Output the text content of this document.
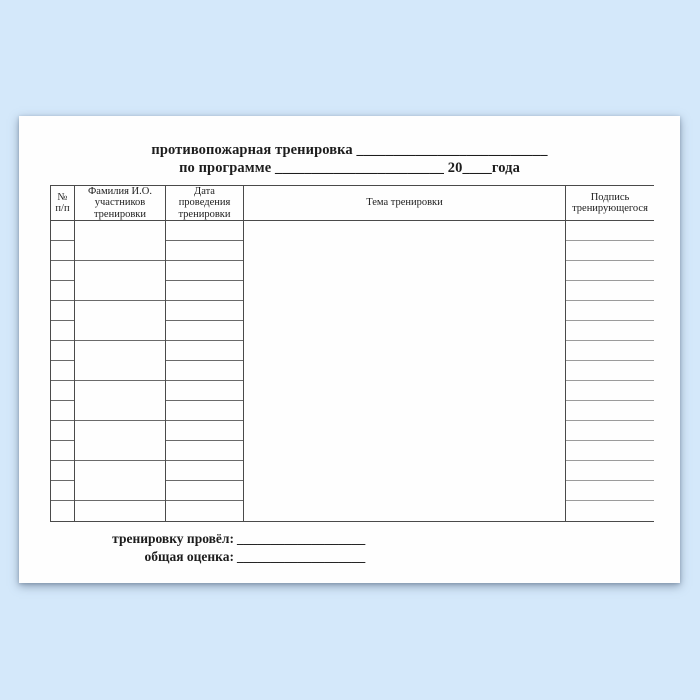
противопожарная тренировка __________________________
по программе _______________________ 20____года
№ п/п
Фамилия И.О. участников тренировки
Дата проведения тренировки
Тема тренировки
Подпись тренирующегося
тренировку провёл: ___________________
общая оценка: ___________________
